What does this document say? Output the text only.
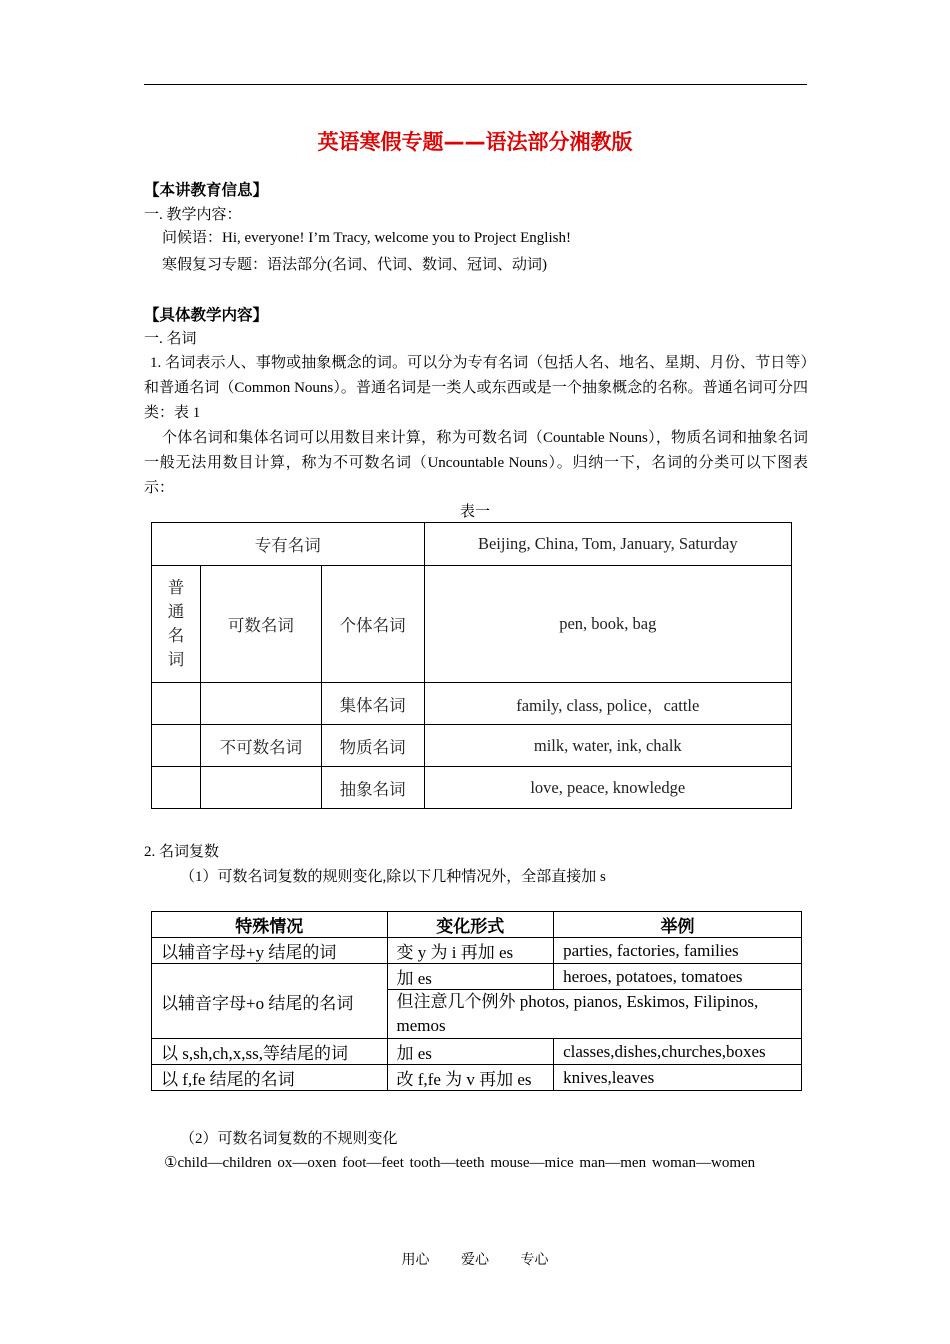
英语寒假专题——语法部分湘教版
【本讲教育信息】
一. 教学内容：
问候语：Hi, everyone! I’m Tracy, welcome you to Project English!
寒假复习专题：语法部分(名词、代词、数词、冠词、动词)
【具体教学内容】
一. 名词
1. 名词表示人、事物或抽象概念的词。可以分为专有名词（包括人名、地名、星期、月份、节日等）和普通名词（Common Nouns）。普通名词是一类人或东西或是一个抽象概念的名称。普通名词可分四类：表 1
个体名词和集体名词可以用数目来计算，称为可数名词（Countable Nouns），物质名词和抽象名词一般无法用数目计算，称为不可数名词（Uncountable Nouns）。归纳一下，名词的分类可以下图表示：
表一
专有名词			Beijing, China, Tom, January, Saturday

普
通
名
词	可数名词	个体名词	pen, book, bag
		集体名词	family, class, police，cattle
	不可数名词	物质名词	milk, water, ink, chalk
		抽象名词	love, peace, knowledge
2. 名词复数
（1）可数名词复数的规则变化,除以下几种情况外，全部直接加 s
特殊情况	变化形式	举例
以辅音字母+y 结尾的词	变 y 为 i 再加 es	parties, factories, families
以辅音字母+o 结尾的名词	加 es	heroes, potatoes, tomatoes
	但注意几个例外 photos, pianos, Eskimos, Filipinos, memos	
以 s,sh,ch,x,ss,等结尾的词	加 es	classes,dishes,churches,boxes
以 f,fe 结尾的名词	改 f,fe 为 v 再加 es	knives,leaves
（2）可数名词复数的不规则变化
①child—children ox—oxen foot—feet tooth—teeth mouse—mice man—men woman—women
用心 爱心 专心
